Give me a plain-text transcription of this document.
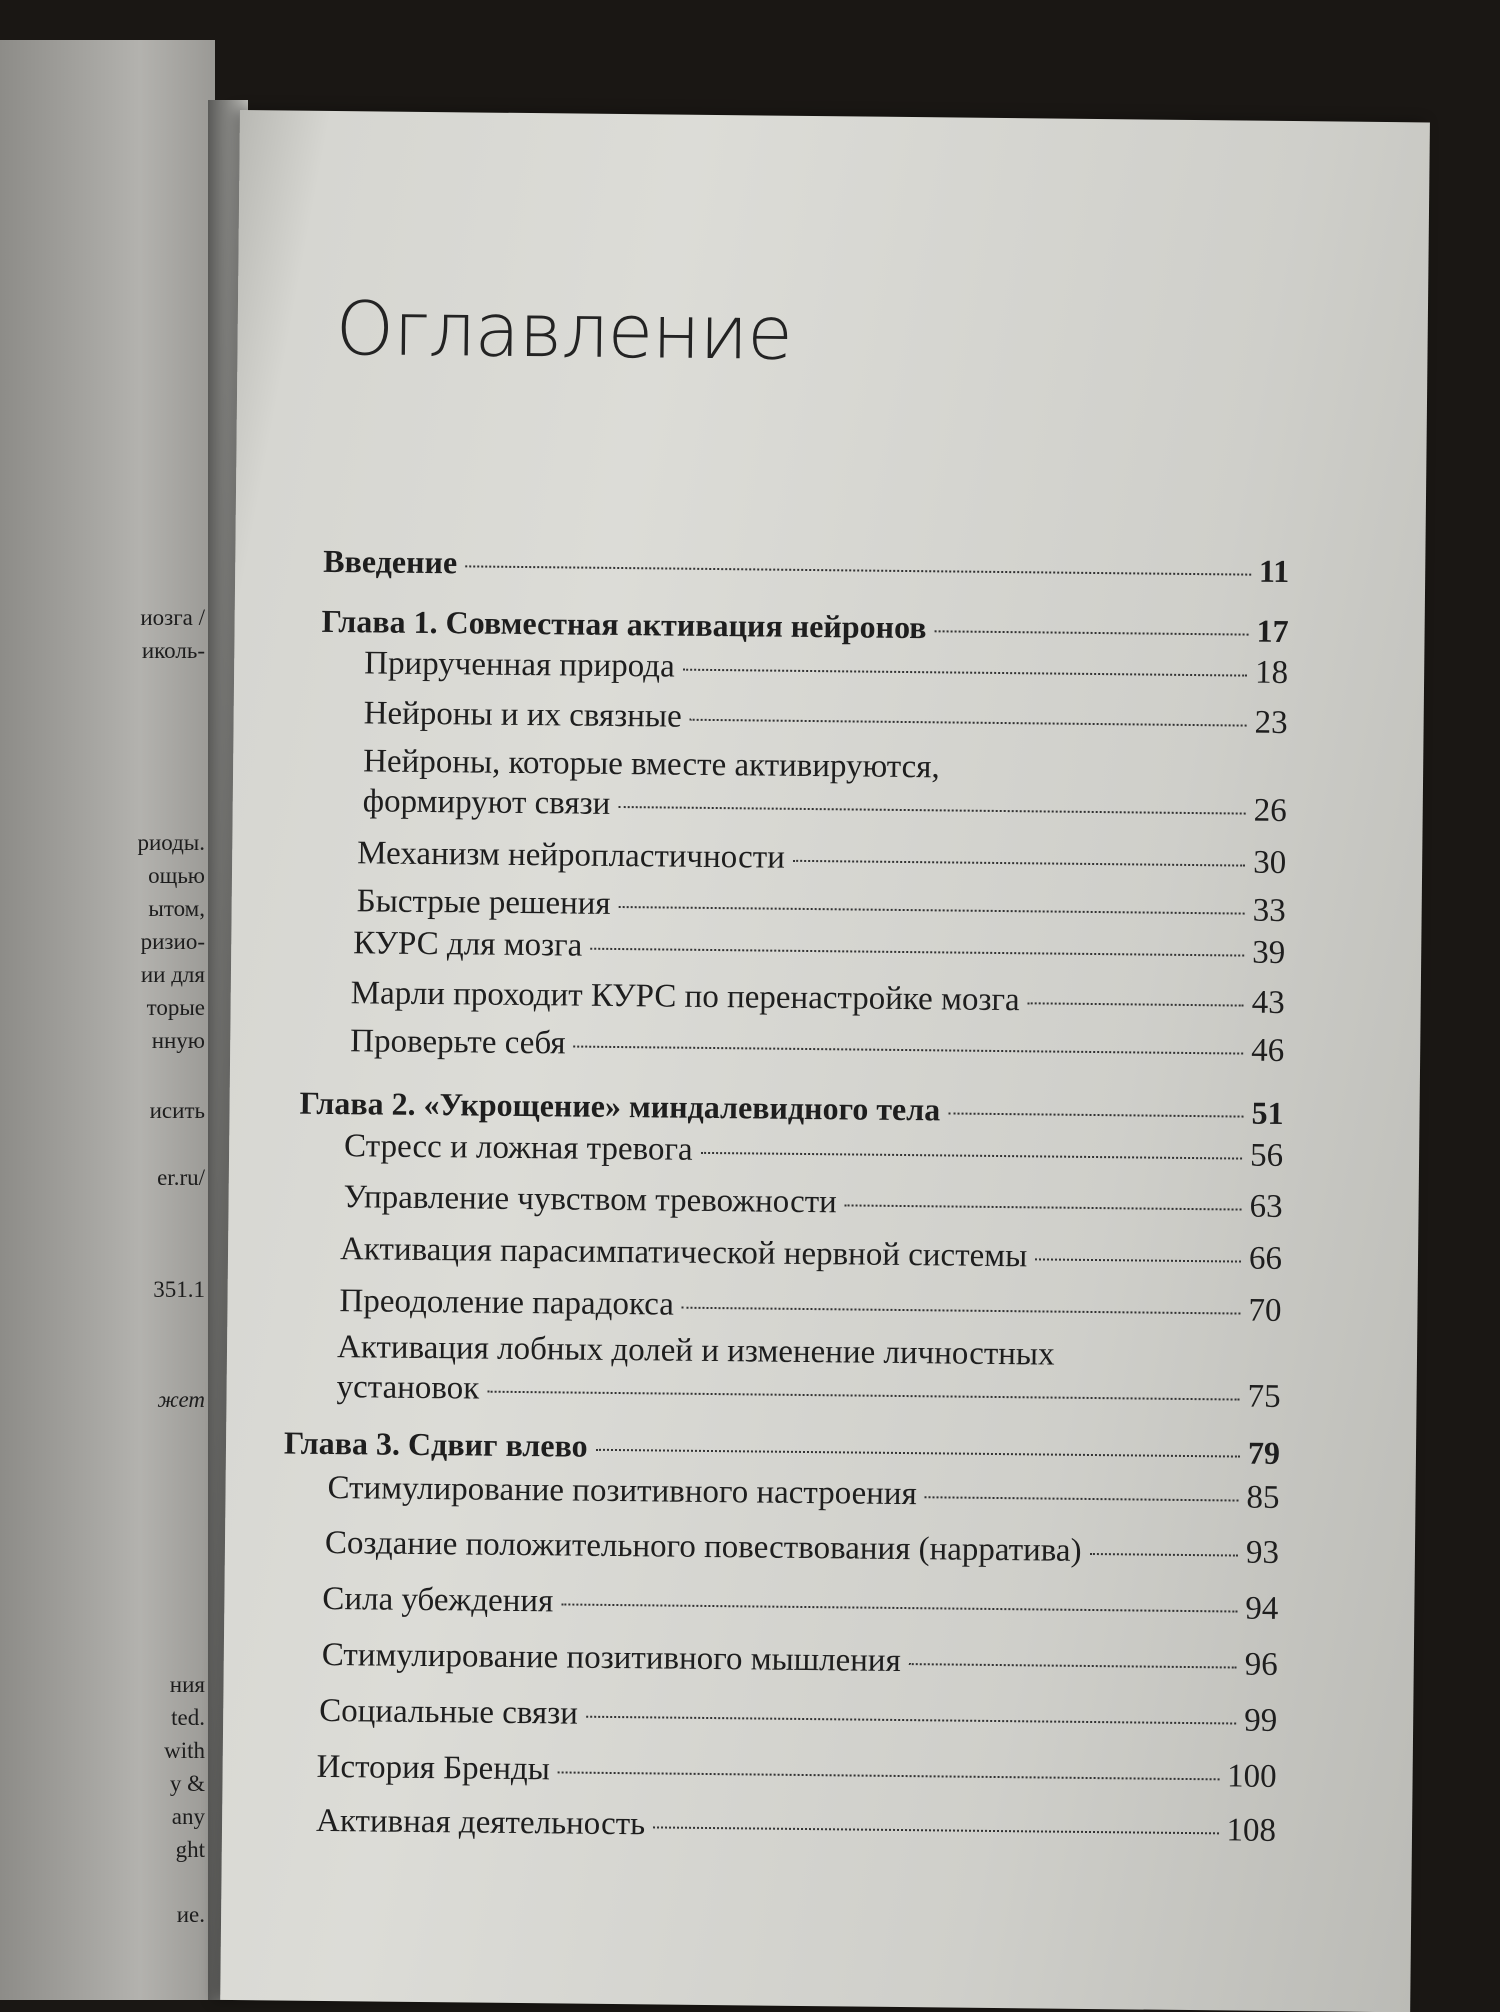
иозга /

иколь-

риоды.

ощью

ытом,

ризио-

ии для

торые

нную

исить

er.ru/

351.1

жет

ния

ted.

with

y &

any

ght

ие.

Оглавление
Введение	11
Глава 1. Совместная активация нейронов	17
Прирученная природа	18
Нейроны и их связные	23
Нейроны, которые вместе активируются,
формируют связи	26
Механизм нейропластичности	30
Быстрые решения	33
КУРС для мозга	39
Марли проходит КУРС по перенастройке мозга	43
Проверьте себя	46
Глава 2. «Укрощение» миндалевидного тела	51
Стресс и ложная тревога	56
Управление чувством тревожности	63
Активация парасимпатической нервной системы	66
Преодоление парадокса	70
Активация лобных долей и изменение личностных
установок	75
Глава 3. Сдвиг влево	79
Стимулирование позитивного настроения	85
Создание положительного повествования (нарратива)	93
Сила убеждения	94
Стимулирование позитивного мышления	96
Социальные связи	99
История Бренды	100
Активная деятельность	108
